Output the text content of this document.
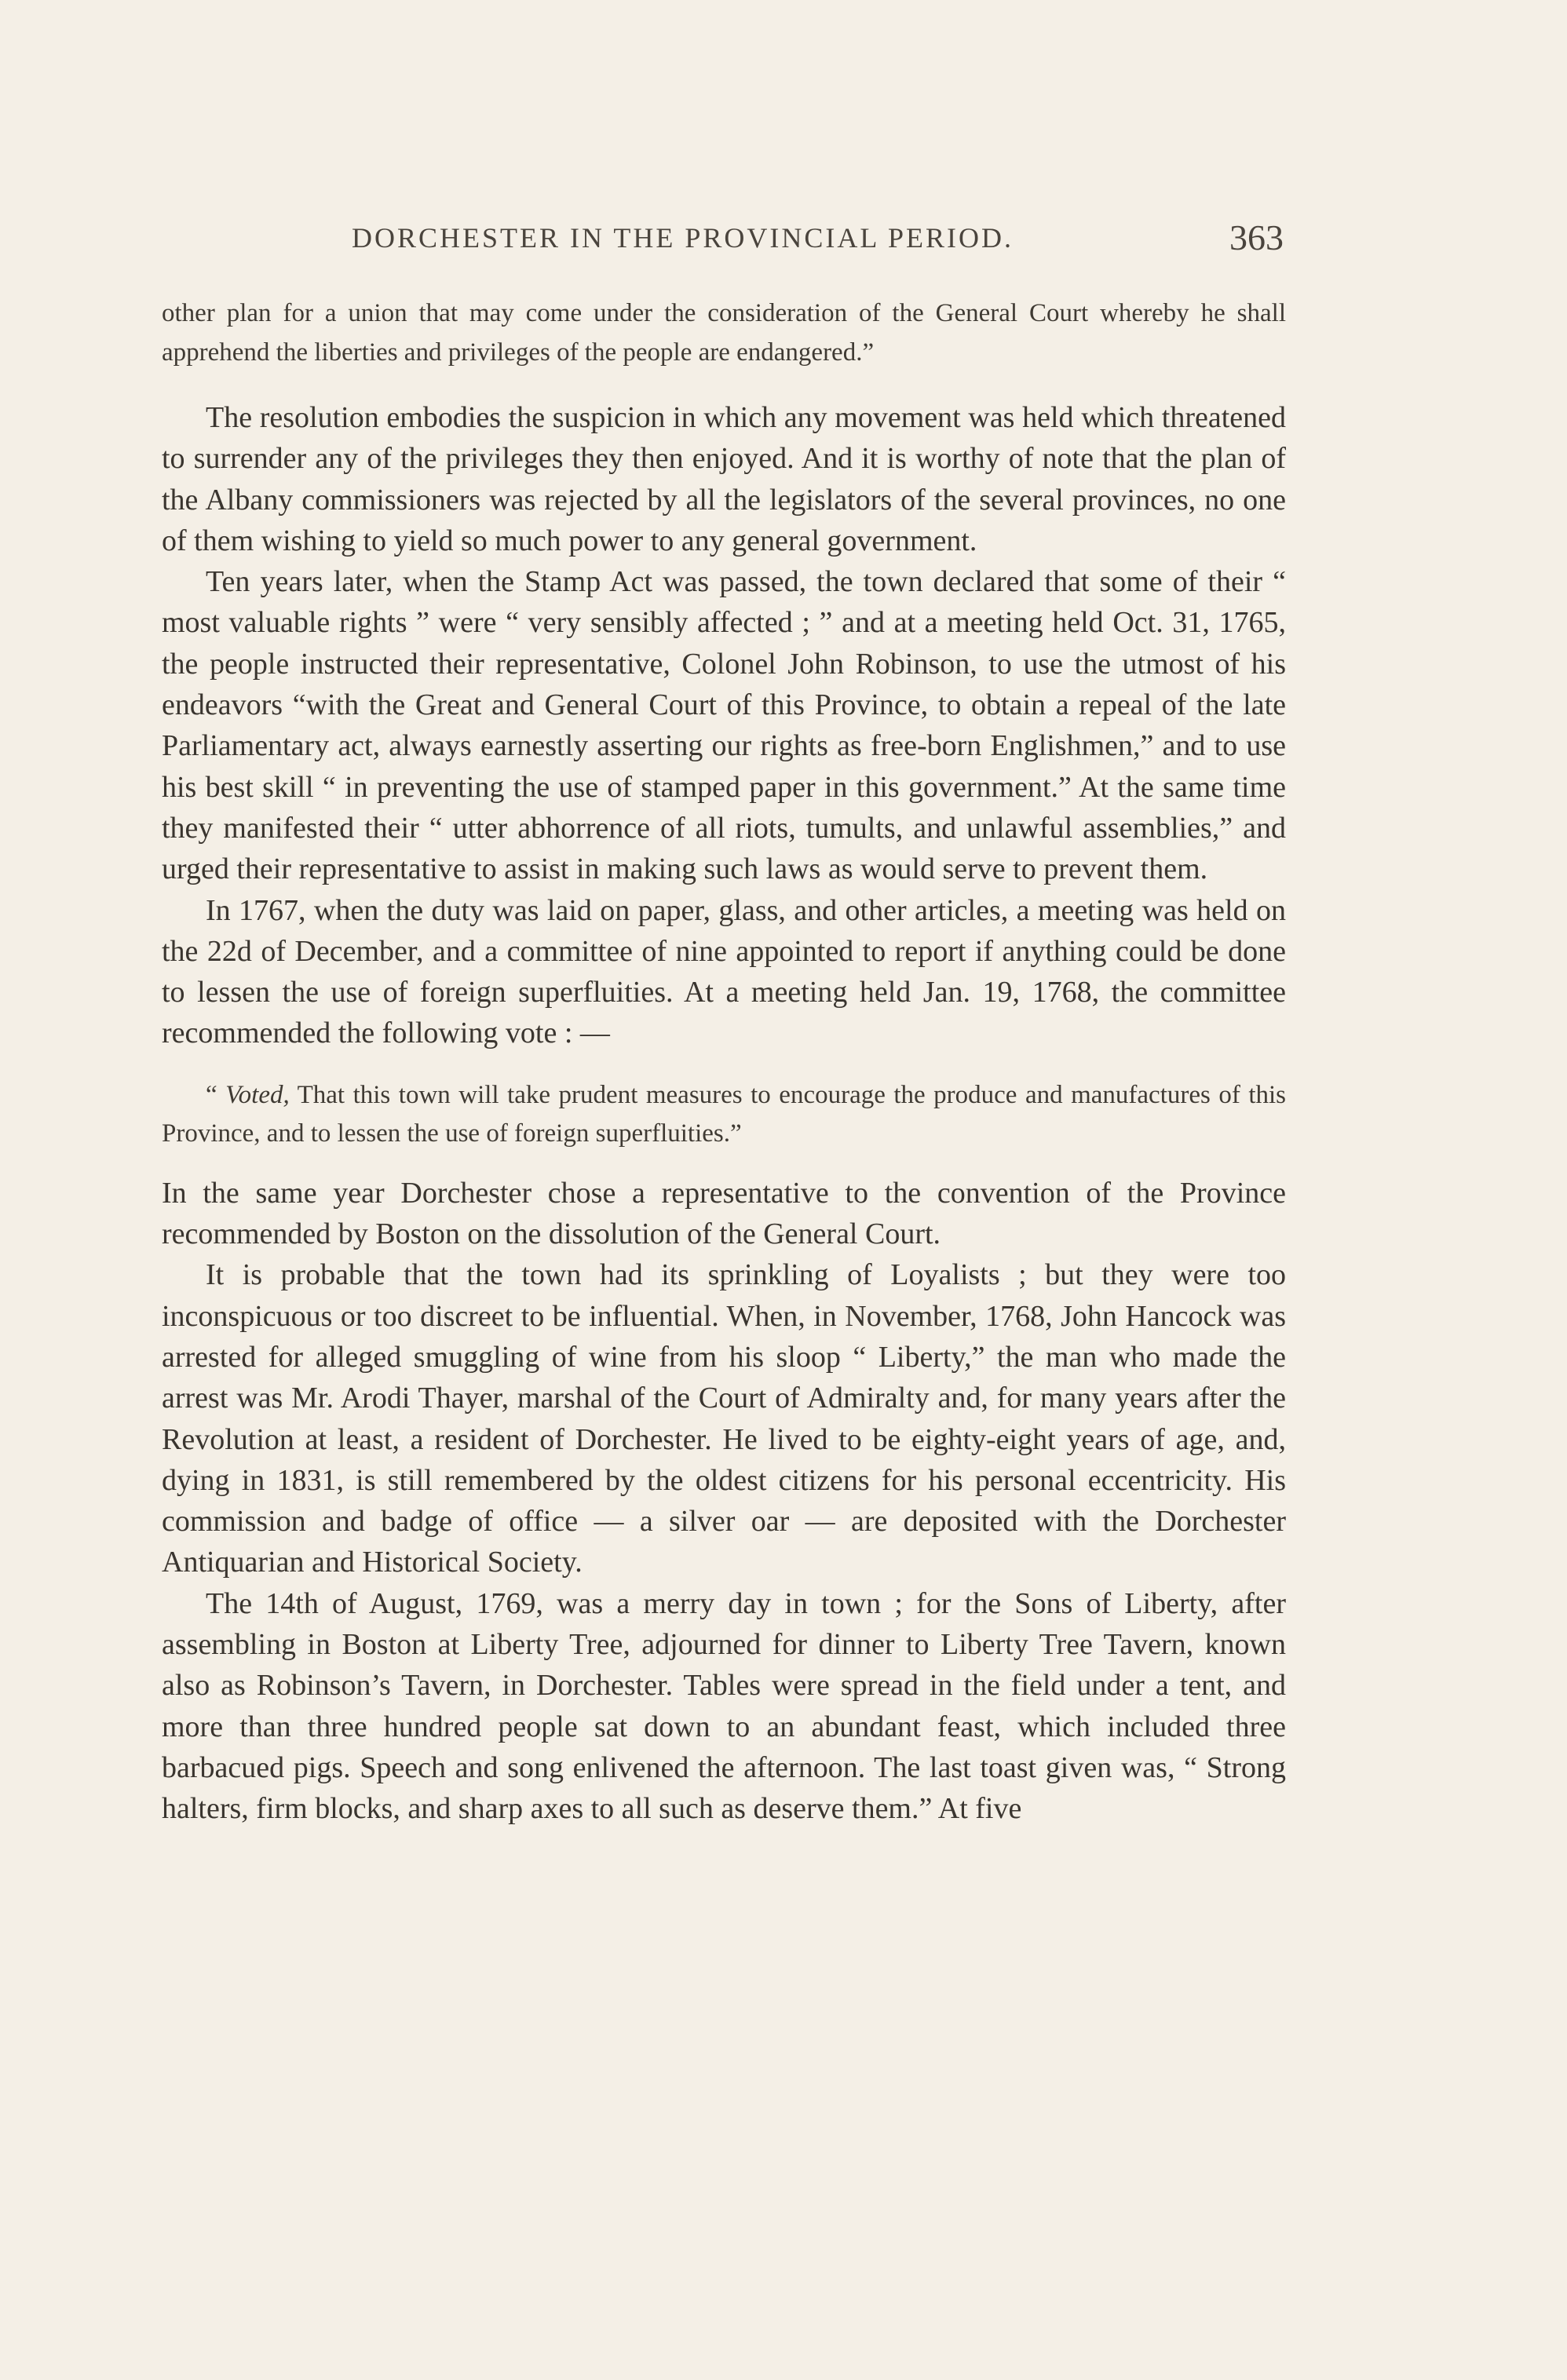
DORCHESTER IN THE PROVINCIAL PERIOD.	363

other plan for a union that may come under the consideration of the General Court whereby he shall apprehend the liberties and privileges of the people are endangered.”

The resolution embodies the suspicion in which any movement was held which threatened to surrender any of the privileges they then enjoyed. And it is worthy of note that the plan of the Albany commissioners was rejected by all the legislators of the several provinces, no one of them wishing to yield so much power to any general government.

Ten years later, when the Stamp Act was passed, the town declared that some of their “ most valuable rights ” were “ very sensibly affected ; ” and at a meeting held Oct. 31, 1765, the people instructed their representative, Colonel John Robinson, to use the utmost of his endeavors “with the Great and General Court of this Province, to obtain a repeal of the late Parliamentary act, always earnestly asserting our rights as free-born Englishmen,” and to use his best skill “ in preventing the use of stamped paper in this government.” At the same time they manifested their “ utter abhorrence of all riots, tumults, and unlawful assemblies,” and urged their representative to assist in making such laws as would serve to prevent them.

In 1767, when the duty was laid on paper, glass, and other articles, a meeting was held on the 22d of December, and a committee of nine appointed to report if anything could be done to lessen the use of foreign superfluities. At a meeting held Jan. 19, 1768, the committee recommended the following vote : —

“ Voted, That this town will take prudent measures to encourage the produce and manufactures of this Province, and to lessen the use of foreign superfluities.”

In the same year Dorchester chose a representative to the convention of the Province recommended by Boston on the dissolution of the General Court.

It is probable that the town had its sprinkling of Loyalists ; but they were too inconspicuous or too discreet to be influential. When, in November, 1768, John Hancock was arrested for alleged smuggling of wine from his sloop “ Liberty,” the man who made the arrest was Mr. Arodi Thayer, marshal of the Court of Admiralty and, for many years after the Revolution at least, a resident of Dorchester. He lived to be eighty-eight years of age, and, dying in 1831, is still remembered by the oldest citizens for his personal eccentricity. His commission and badge of office — a silver oar — are deposited with the Dorchester Antiquarian and Historical Society.

The 14th of August, 1769, was a merry day in town ; for the Sons of Liberty, after assembling in Boston at Liberty Tree, adjourned for dinner to Liberty Tree Tavern, known also as Robinson’s Tavern, in Dorchester. Tables were spread in the field under a tent, and more than three hundred people sat down to an abundant feast, which included three barbacued pigs. Speech and song enlivened the afternoon. The last toast given was, “ Strong halters, firm blocks, and sharp axes to all such as deserve them.” At five
